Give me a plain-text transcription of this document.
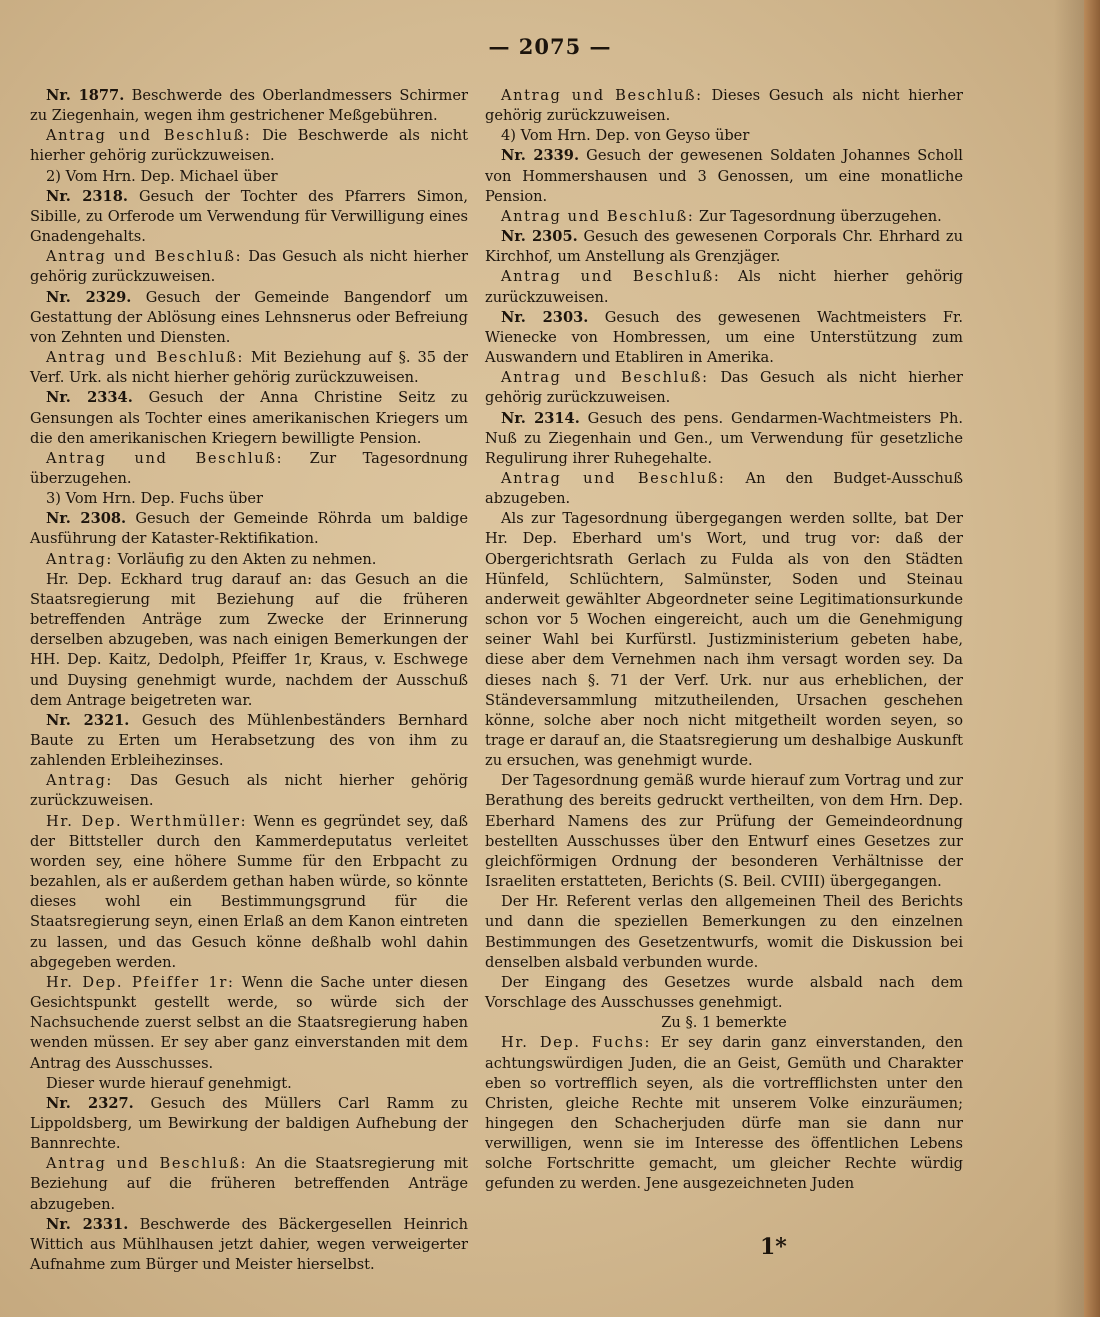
— 2075 —

Nr. 1877. Beschwerde des Oberlandmessers Schirmer zu Ziegenhain, wegen ihm gestrichener Meßgebühren.

Antrag und Beschluß: Die Beschwerde als nicht hierher gehörig zurückzuweisen.

2) Vom Hrn. Dep. Michael über

Nr. 2318. Gesuch der Tochter des Pfarrers Simon, Sibille, zu Orferode um Verwendung für Verwilligung eines Gnadengehalts.

Antrag und Beschluß: Das Gesuch als nicht hierher gehörig zurückzuweisen.

Nr. 2329. Gesuch der Gemeinde Bangendorf um Gestattung der Ablösung eines Lehnsnerus oder Befreiung von Zehnten und Diensten.

Antrag und Beschluß: Mit Beziehung auf §. 35 der Verf. Urk. als nicht hierher gehörig zurückzuweisen.

Nr. 2334. Gesuch der Anna Christine Seitz zu Gensungen als Tochter eines amerikanischen Kriegers um die den amerikanischen Kriegern bewilligte Pension.

Antrag und Beschluß: Zur Tagesordnung überzugehen.

3) Vom Hrn. Dep. Fuchs über

Nr. 2308. Gesuch der Gemeinde Röhrda um baldige Ausführung der Kataster-Rektifikation.

Antrag: Vorläufig zu den Akten zu nehmen.

Hr. Dep. Eckhard trug darauf an: das Gesuch an die Staatsregierung mit Beziehung auf die früheren betreffenden Anträge zum Zwecke der Erinnerung derselben abzugeben, was nach einigen Bemerkungen der HH. Dep. Kaitz, Dedolph, Pfeiffer 1r, Kraus, v. Eschwege und Duysing genehmigt wurde, nachdem der Ausschuß dem Antrage beigetreten war.

Nr. 2321. Gesuch des Mühlenbeständers Bernhard Baute zu Erten um Herabsetzung des von ihm zu zahlenden Erbleihezinses.

Antrag: Das Gesuch als nicht hierher gehörig zurückzuweisen.

Hr. Dep. Werthmüller: Wenn es gegründet sey, daß der Bittsteller durch den Kammerdeputatus verleitet worden sey, eine höhere Summe für den Erbpacht zu bezahlen, als er außerdem gethan haben würde, so könnte dieses wohl ein Bestimmungsgrund für die Staatsregierung seyn, einen Erlaß an dem Kanon eintreten zu lassen, und das Gesuch könne deßhalb wohl dahin abgegeben werden.

Hr. Dep. Pfeiffer 1r: Wenn die Sache unter diesen Gesichtspunkt gestellt werde, so würde sich der Nachsuchende zuerst selbst an die Staatsregierung haben wenden müssen. Er sey aber ganz einverstanden mit dem Antrag des Ausschusses.

Dieser wurde hierauf genehmigt.

Nr. 2327. Gesuch des Müllers Carl Ramm zu Lippoldsberg, um Bewirkung der baldigen Aufhebung der Bannrechte.

Antrag und Beschluß: An die Staatsregierung mit Beziehung auf die früheren betreffenden Anträge abzugeben.

Nr. 2331. Beschwerde des Bäckergesellen Heinrich Wittich aus Mühlhausen jetzt dahier, wegen verweigerter Aufnahme zum Bürger und Meister hierselbst.

Antrag und Beschluß: Dieses Gesuch als nicht hierher gehörig zurückzuweisen.

4) Vom Hrn. Dep. von Geyso über

Nr. 2339. Gesuch der gewesenen Soldaten Johannes Scholl von Hommershausen und 3 Genossen, um eine monatliche Pension.

Antrag und Beschluß: Zur Tagesordnung überzugehen.

Nr. 2305. Gesuch des gewesenen Corporals Chr. Ehrhard zu Kirchhof, um Anstellung als Grenzjäger.

Antrag und Beschluß: Als nicht hierher gehörig zurückzuweisen.

Nr. 2303. Gesuch des gewesenen Wachtmeisters Fr. Wienecke von Hombressen, um eine Unterstützung zum Auswandern und Etabliren in Amerika.

Antrag und Beschluß: Das Gesuch als nicht hierher gehörig zurückzuweisen.

Nr. 2314. Gesuch des pens. Gendarmen-Wachtmeisters Ph. Nuß zu Ziegenhain und Gen., um Verwendung für gesetzliche Regulirung ihrer Ruhegehalte.

Antrag und Beschluß: An den Budget-Ausschuß abzugeben.

Als zur Tagesordnung übergegangen werden sollte, bat Der Hr. Dep. Eberhard um's Wort, und trug vor: daß der Obergerichtsrath Gerlach zu Fulda als von den Städten Hünfeld, Schlüchtern, Salmünster, Soden und Steinau anderweit gewählter Abgeordneter seine Legitimationsurkunde schon vor 5 Wochen eingereicht, auch um die Genehmigung seiner Wahl bei Kurfürstl. Justizministerium gebeten habe, diese aber dem Vernehmen nach ihm versagt worden sey. Da dieses nach §. 71 der Verf. Urk. nur aus erheblichen, der Ständeversammlung mitzutheilenden, Ursachen geschehen könne, solche aber noch nicht mitgetheilt worden seyen, so trage er darauf an, die Staatsregierung um deshalbige Auskunft zu ersuchen, was genehmigt wurde.

Der Tagesordnung gemäß wurde hierauf zum Vortrag und zur Berathung des bereits gedruckt vertheilten, von dem Hrn. Dep. Eberhard Namens des zur Prüfung der Gemeindeordnung bestellten Ausschusses über den Entwurf eines Gesetzes zur gleichförmigen Ordnung der besonderen Verhältnisse der Israeliten erstatteten, Berichts (S. Beil. CVIII) übergegangen.

Der Hr. Referent verlas den allgemeinen Theil des Berichts und dann die speziellen Bemerkungen zu den einzelnen Bestimmungen des Gesetzentwurfs, womit die Diskussion bei denselben alsbald verbunden wurde.

Der Eingang des Gesetzes wurde alsbald nach dem Vorschlage des Ausschusses genehmigt.

Zu §. 1 bemerkte

Hr. Dep. Fuchs: Er sey darin ganz einverstanden, den achtungswürdigen Juden, die an Geist, Gemüth und Charakter eben so vortrefflich seyen, als die vortrefflichsten unter den Christen, gleiche Rechte mit unserem Volke einzuräumen; hingegen den Schacherjuden dürfe man sie dann nur verwilligen, wenn sie im Interesse des öffentlichen Lebens solche Fortschritte gemacht, um gleicher Rechte würdig gefunden zu werden. Jene ausgezeichneten Juden

1*
